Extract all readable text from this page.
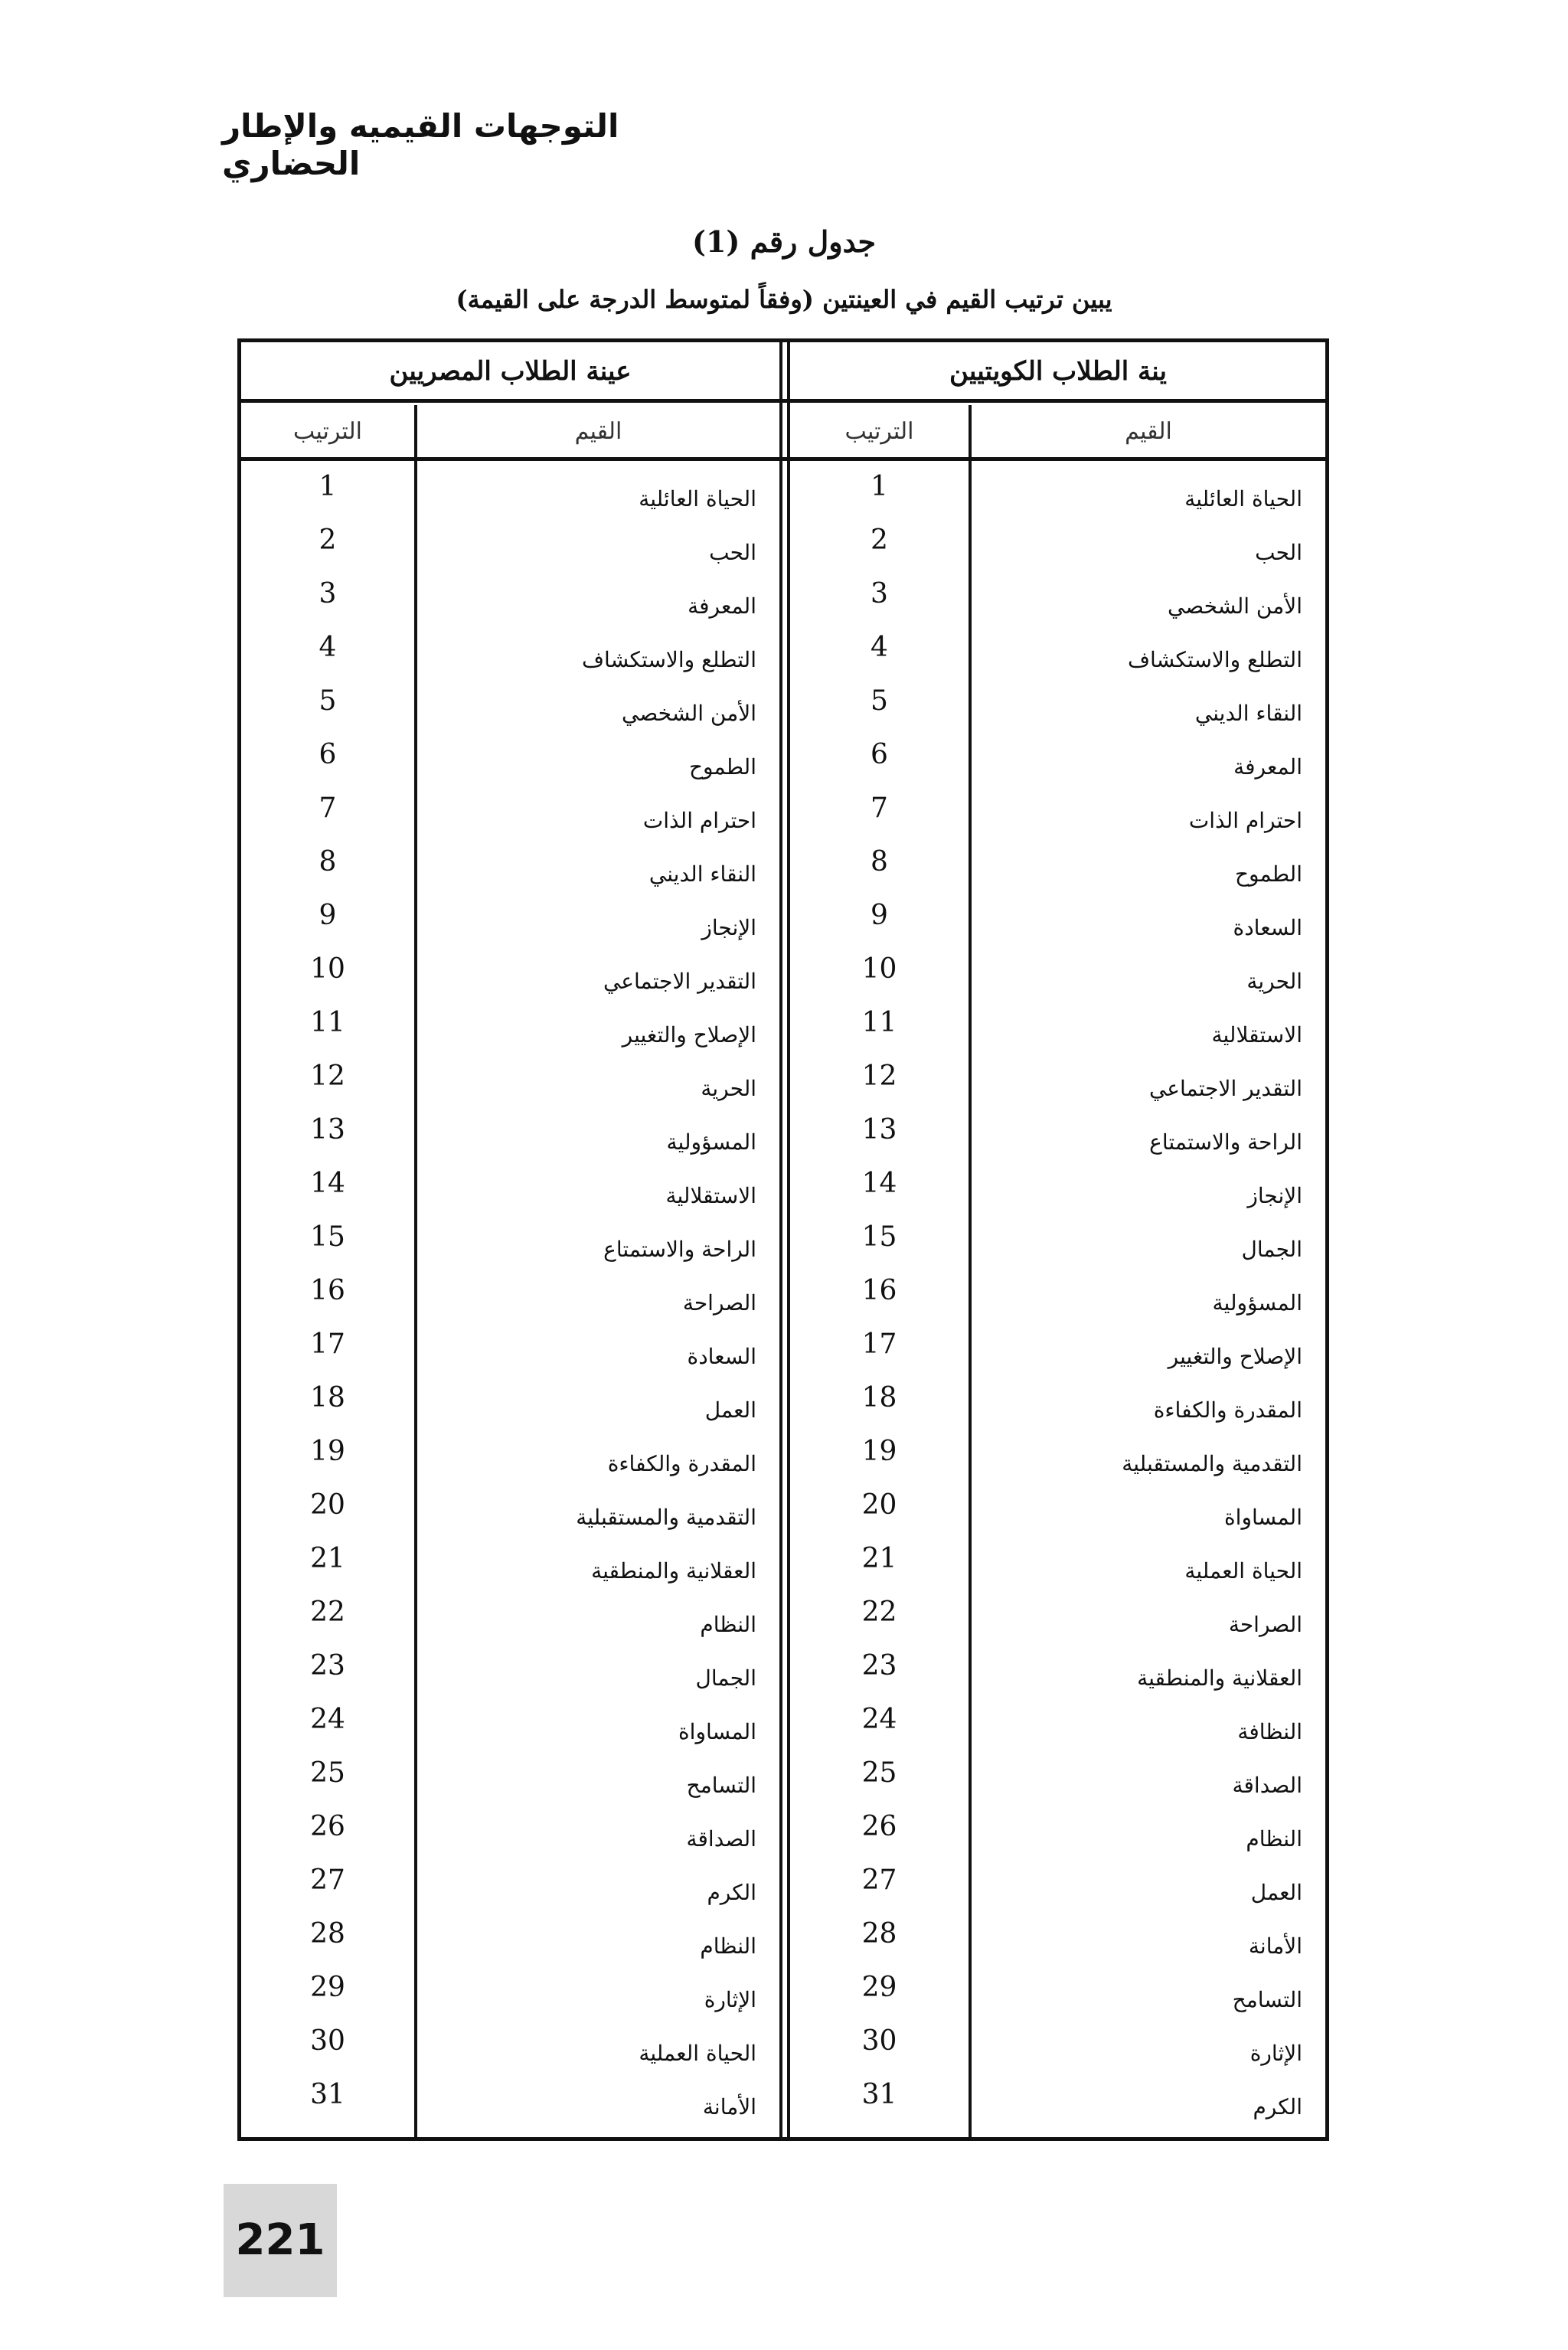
التوجهات القيميه والإطار الحضاري
جدول رقم (1)
يبين ترتيب القيم في العينتين (وفقاً لمتوسط الدرجة على القيمة)
عينة الطلاب المصريين	ينة الطلاب الكويتيين
الترتيب	القيم	الترتيب	القيم
1	الحياة العائلية	1	الحياة العائلية
2	الحب	2	الحب
3	المعرفة	3	الأمن الشخصي
4	التطلع والاستكشاف	4	التطلع والاستكشاف
5	الأمن الشخصي	5	النقاء الديني
6	الطموح	6	المعرفة
7	احترام الذات	7	احترام الذات
8	النقاء الديني	8	الطموح
9	الإنجاز	9	السعادة
10	التقدير الاجتماعي	10	الحرية
11	الإصلاح والتغيير	11	الاستقلالية
12	الحرية	12	التقدير الاجتماعي
13	المسؤولية	13	الراحة والاستمتاع
14	الاستقلالية	14	الإنجاز
15	الراحة والاستمتاع	15	الجمال
16	الصراحة	16	المسؤولية
17	السعادة	17	الإصلاح والتغيير
18	العمل	18	المقدرة والكفاءة
19	المقدرة والكفاءة	19	التقدمية والمستقبلية
20	التقدمية والمستقبلية	20	المساواة
21	العقلانية والمنطقية	21	الحياة العملية
22	النظام	22	الصراحة
23	الجمال	23	العقلانية والمنطقية
24	المساواة	24	النظافة
25	التسامح	25	الصداقة
26	الصداقة	26	النظام
27	الكرم	27	العمل
28	النظام	28	الأمانة
29	الإثارة	29	التسامح
30	الحياة العملية	30	الإثارة
31	الأمانة	31	الكرم
221
